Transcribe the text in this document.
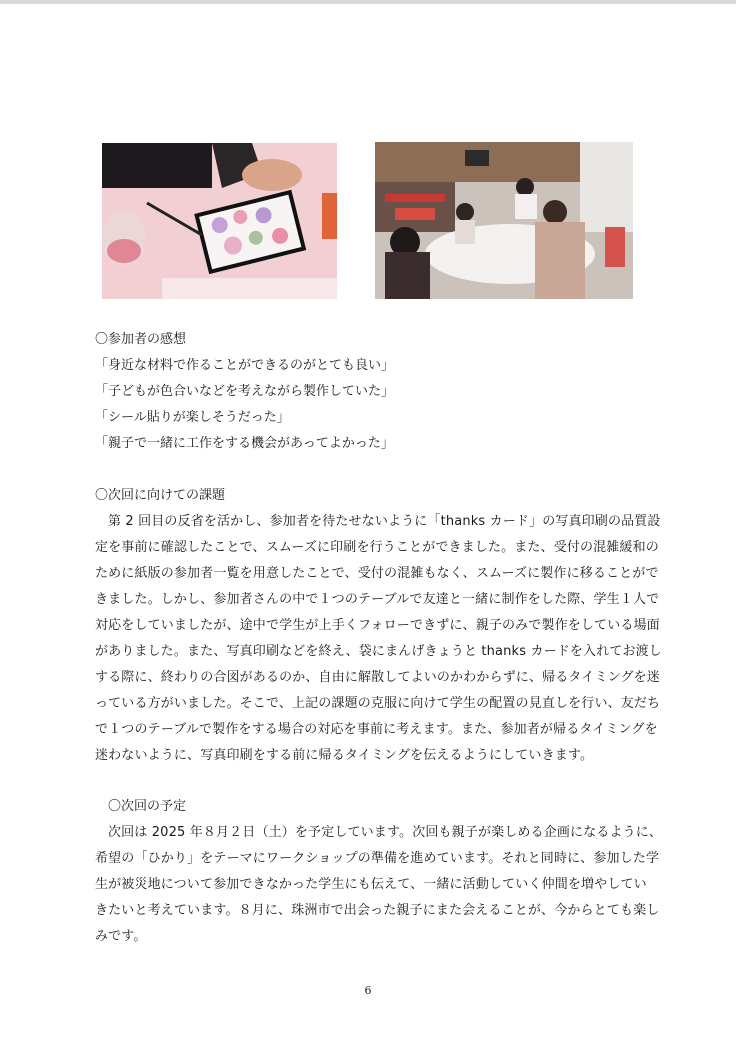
〇参加者の感想
「身近な材料で作ることができるのがとても良い」
「子どもが色合いなどを考えながら製作していた」
「シール貼りが楽しそうだった」
「親子で一緒に工作をする機会があってよかった」
〇次回に向けての課題
第 2 回目の反省を活かし、参加者を待たせないように「thanks カード」の写真印刷の品質設
定を事前に確認したことで、スムーズに印刷を行うことができました。また、受付の混雑緩和の
ために紙版の参加者一覧を用意したことで、受付の混雑もなく、スムーズに製作に移ることがで
きました。しかし、参加者さんの中で１つのテーブルで友達と一緒に制作をした際、学生１人で
対応をしていましたが、途中で学生が上手くフォローできずに、親子のみで製作をしている場面
がありました。また、写真印刷などを終え、袋にまんげきょうと thanks カードを入れてお渡し
する際に、終わりの合図があるのか、自由に解散してよいのかわからずに、帰るタイミングを迷
っている方がいました。そこで、上記の課題の克服に向けて学生の配置の見直しを行い、友だち
で１つのテーブルで製作をする場合の対応を事前に考えます。また、参加者が帰るタイミングを
迷わないように、写真印刷をする前に帰るタイミングを伝えるようにしていきます。
〇次回の予定
次回は 2025 年８月２日（土）を予定しています。次回も親子が楽しめる企画になるように、
希望の「ひかり」をテーマにワークショップの準備を進めています。それと同時に、参加した学
生が被災地について参加できなかった学生にも伝えて、一緒に活動していく仲間を増やしてい
きたいと考えています。８月に、珠洲市で出会った親子にまた会えることが、今からとても楽し
みです。
6
